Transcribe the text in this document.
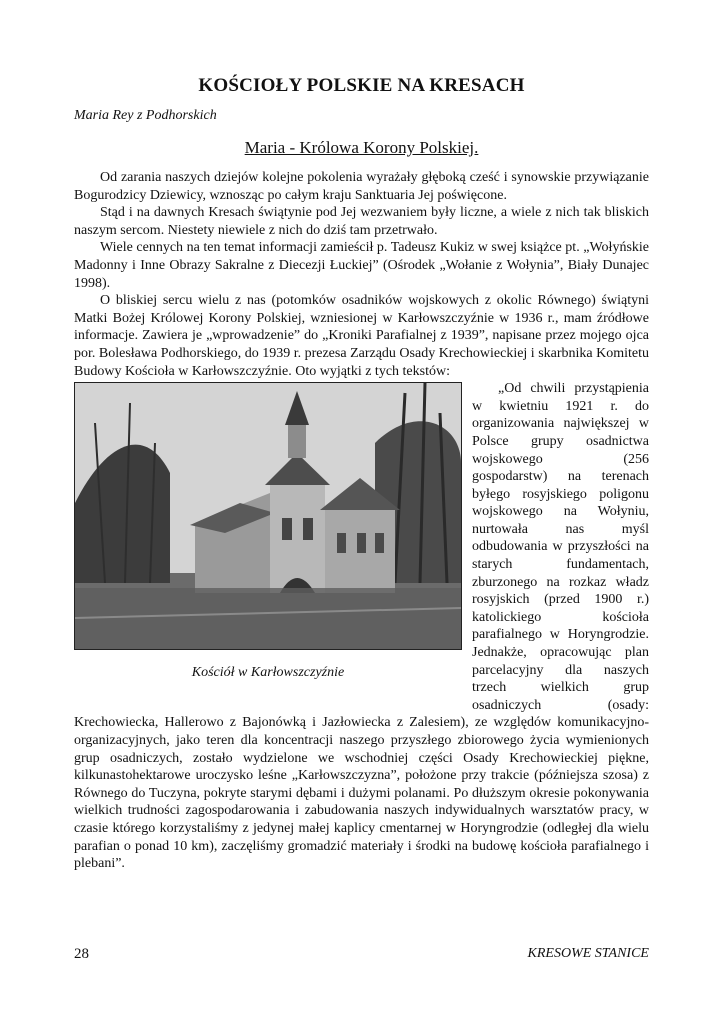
KOŚCIOŁY POLSKIE NA KRESACH
Maria Rey z Podhorskich
Maria - Królowa Korony Polskiej.

Od zarania naszych dziejów kolejne pokolenia wyrażały głęboką cześć i synowskie przywiązanie Bogurodzicy Dziewicy, wznosząc po całym kraju Sanktuaria Jej poświęcone.

Stąd i na dawnych Kresach świątynie pod Jej wezwaniem były liczne, a wiele z nich tak bliskich naszym sercom. Niestety niewiele z nich do dziś tam przetrwało.

Wiele cennych na ten temat informacji zamieścił p. Tadeusz Kukiz w swej książce pt. „Wołyńskie Madonny i Inne Obrazy Sakralne z Diecezji Łuckiej” (Ośrodek „Wołanie z Wołynia”, Biały Dunajec 1998).

O bliskiej sercu wielu z nas (potomków osadników wojskowych z okolic Równego) świątyni Matki Bożej Królowej Korony Polskiej, wzniesionej w Karłowszczyźnie w 1936 r., mam źródłowe informacje. Zawiera je „wprowadzenie” do „Kroniki Parafialnej z 1939”, napisane przez mojego ojca por. Bolesława Podhorskiego, do 1939 r. prezesa Zarządu Osady Krechowieckiej i skarbnika Komitetu Budowy Kościoła w Karłowszczyźnie. Oto wyjątki z tych tekstów:

Kościół w Karłowszczyźnie

„Od chwili przystąpienia w kwietniu 1921 r. do organizowania największej w Polsce grupy osadnictwa wojskowego (256 gospodarstw) na terenach byłego rosyjskiego poligonu wojskowego na Wołyniu, nurtowała nas myśl odbudowania w przyszłości na starych fundamentach, zburzonego na rozkaz władz rosyjskich (przed 1900 r.) katolickiego kościoła parafialnego w Horyngrodzie. Jednakże, opracowując plan parcelacyjny dla naszych trzech wielkich grup osadniczych (osady: Krechowiecka, Hallerowo z Bajonówką i Jazłowiecka z Zalesiem), ze względów komunikacyjno-organizacyjnych, jako teren dla koncentracji naszego przyszłego zbiorowego życia wymienionych grup osadniczych, zostało wydzielone we wschodniej części Osady Krechowieckiej piękne, kilkunastohektarowe uroczysko leśne „Karłowszczyzna”, położone przy trakcie (późniejsza szosa) z Równego do Tuczyna, pokryte starymi dębami i dużymi polanami. Po dłuższym okresie pokonywania wielkich trudności zagospodarowania i zabudowania naszych indywidualnych warsztatów pracy, w czasie którego korzystaliśmy z jedynej małej kaplicy cmentarnej w Horyngrodzie (odległej dla wielu parafian o ponad 10 km), zaczęliśmy gromadzić materiały i środki na budowę kościoła parafialnego i plebani”.

28	KRESOWE STANICE
